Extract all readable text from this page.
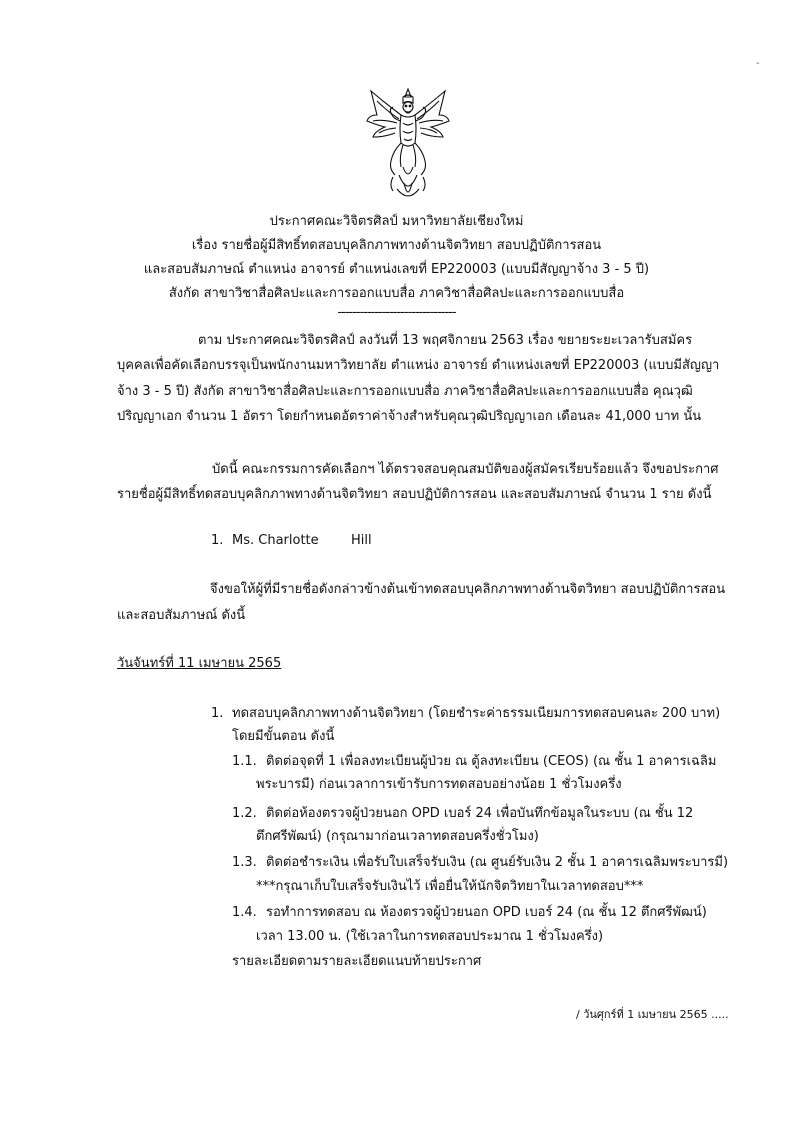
-
ประกาศคณะวิจิตรศิลป์ มหาวิทยาลัยเชียงใหม่
เรื่อง รายชื่อผู้มีสิทธิ์ทดสอบบุคลิกภาพทางด้านจิตวิทยา สอบปฏิบัติการสอน
และสอบสัมภาษณ์ ตำแหน่ง อาจารย์ ตำแหน่งเลขที่ EP220003 (แบบมีสัญญาจ้าง 3 - 5 ปี)
สังกัด สาขาวิชาสื่อศิลปะและการออกแบบสื่อ ภาควิชาสื่อศิลปะและการออกแบบสื่อ
--------------------------------
ตาม ประกาศคณะวิจิตรศิลป์ ลงวันที่ 13 พฤศจิกายน 2563 เรื่อง ขยายระยะเวลารับสมัคร
บุคคลเพื่อคัดเลือกบรรจุเป็นพนักงานมหาวิทยาลัย ตำแหน่ง อาจารย์ ตำแหน่งเลขที่ EP220003 (แบบมีสัญญา
จ้าง 3 - 5 ปี) สังกัด สาขาวิชาสื่อศิลปะและการออกแบบสื่อ ภาควิชาสื่อศิลปะและการออกแบบสื่อ คุณวุฒิ
ปริญญาเอก จำนวน 1 อัตรา โดยกำหนดอัตราค่าจ้างสำหรับคุณวุฒิปริญญาเอก เดือนละ 41,000 บาท นั้น
บัดนี้ คณะกรรมการคัดเลือกฯ ได้ตรวจสอบคุณสมบัติของผู้สมัครเรียบร้อยแล้ว จึงขอประกาศ
รายชื่อผู้มีสิทธิ์ทดสอบบุคลิกภาพทางด้านจิตวิทยา สอบปฏิบัติการสอน และสอบสัมภาษณ์ จำนวน 1 ราย ดังนี้
1. Ms. Charlotte Hill
จึงขอให้ผู้ที่มีรายชื่อดังกล่าวข้างต้นเข้าทดสอบบุคลิกภาพทางด้านจิตวิทยา สอบปฏิบัติการสอน
และสอบสัมภาษณ์ ดังนี้
วันจันทร์ที่ 11 เมษายน 2565
1. ทดสอบบุคลิกภาพทางด้านจิตวิทยา (โดยชำระค่าธรรมเนียมการทดสอบคนละ 200 บาท)
โดยมีขั้นตอน ดังนี้
1.1. ติดต่อจุดที่ 1 เพื่อลงทะเบียนผู้ป่วย ณ ตู้ลงทะเบียน (CEOS) (ณ ชั้น 1 อาคารเฉลิม
พระบารมี) ก่อนเวลาการเข้ารับการทดสอบอย่างน้อย 1 ชั่วโมงครึ่ง
1.2. ติดต่อห้องตรวจผู้ป่วยนอก OPD เบอร์ 24 เพื่อบันทึกข้อมูลในระบบ (ณ ชั้น 12
ตึกศรีพัฒน์) (กรุณามาก่อนเวลาทดสอบครึ่งชั่วโมง)
1.3. ติดต่อชำระเงิน เพื่อรับใบเสร็จรับเงิน (ณ ศูนย์รับเงิน 2 ชั้น 1 อาคารเฉลิมพระบารมี)
***กรุณาเก็บใบเสร็จรับเงินไว้ เพื่อยื่นให้นักจิตวิทยาในเวลาทดสอบ***
1.4. รอทำการทดสอบ ณ ห้องตรวจผู้ป่วยนอก OPD เบอร์ 24 (ณ ชั้น 12 ตึกศรีพัฒน์)
เวลา 13.00 น. (ใช้เวลาในการทดสอบประมาณ 1 ชั่วโมงครึ่ง)
รายละเอียดตามรายละเอียดแนบท้ายประกาศ
/ วันศุกร์ที่ 1 เมษายน 2565 .....
